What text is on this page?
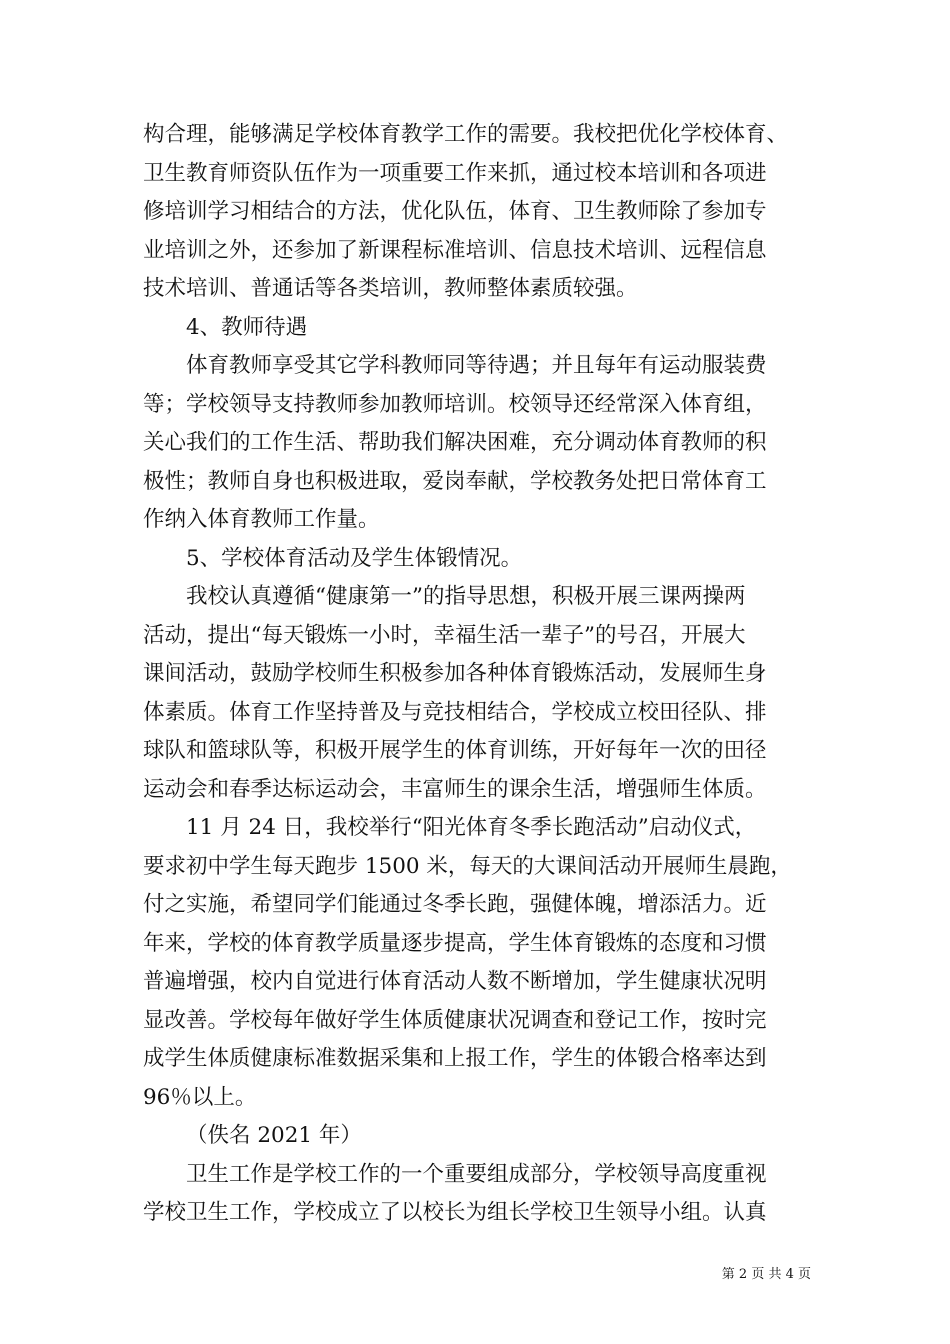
构合理，能够满足学校体育教学工作的需要。我校把优化学校体育、
卫生教育师资队伍作为一项重要工作来抓，通过校本培训和各项进
修培训学习相结合的方法，优化队伍，体育、卫生教师除了参加专
业培训之外，还参加了新课程标准培训、信息技术培训、远程信息
技术培训、普通话等各类培训，教师整体素质较强。
4、教师待遇
体育教师享受其它学科教师同等待遇；并且每年有运动服装费
等；学校领导支持教师参加教师培训。校领导还经常深入体育组，
关心我们的工作生活、帮助我们解决困难，充分调动体育教师的积
极性；教师自身也积极进取，爱岗奉献，学校教务处把日常体育工
作纳入体育教师工作量。
5、学校体育活动及学生体锻情况。
我校认真遵循“健康第一”的指导思想，积极开展三课两操两
活动，提出“每天锻炼一小时，幸福生活一辈子”的号召，开展大
课间活动，鼓励学校师生积极参加各种体育锻炼活动，发展师生身
体素质。体育工作坚持普及与竞技相结合，学校成立校田径队、排
球队和篮球队等，积极开展学生的体育训练，开好每年一次的田径
运动会和春季达标运动会，丰富师生的课余生活，增强师生体质。
11 月 24 日，我校举行“阳光体育冬季长跑活动”启动仪式，
要求初中学生每天跑步 1500 米，每天的大课间活动开展师生晨跑，
付之实施，希望同学们能通过冬季长跑，强健体魄，增添活力。近
年来，学校的体育教学质量逐步提高，学生体育锻炼的态度和习惯
普遍增强，校内自觉进行体育活动人数不断增加，学生健康状况明
显改善。学校每年做好学生体质健康状况调查和登记工作，按时完
成学生体质健康标准数据采集和上报工作，学生的体锻合格率达到
96％以上。
（佚名 2021 年）
卫生工作是学校工作的一个重要组成部分，学校领导高度重视
学校卫生工作，学校成立了以校长为组长学校卫生领导小组。认真
第 2 页 共 4 页
